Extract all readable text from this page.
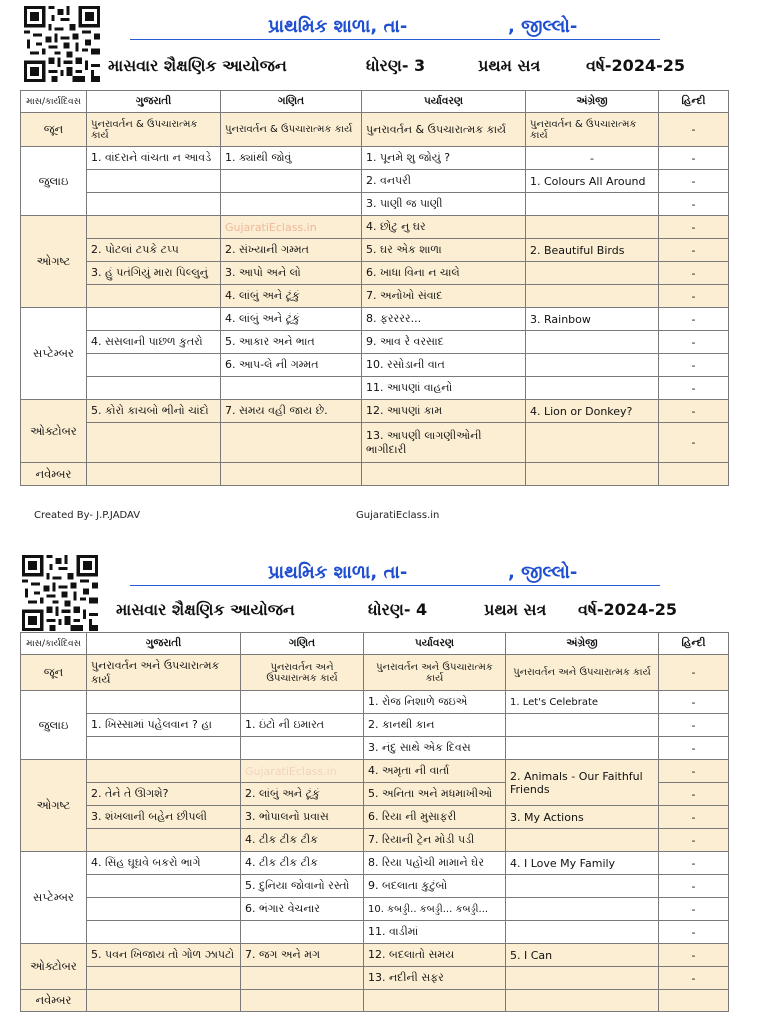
પ્રાથમિક શાળા, તા-	, જીલ્લો-
માસવાર શૈક્ષણિક આયોજન	ધોરણ- 3	પ્રથમ સત્ર	વર્ષ-2024-25
માસ/કાર્યદિવસ	ગુજરાતી	ગણિત	પર્યાવરણ	અંગ્રેજી	હિન્દી
જૂન	પુનરાવર્તન & ઉપચારાત્મક કાર્ય	પુનરાવર્તન & ઉપચારાત્મક કાર્ય	પુનરાવર્તન & ઉપચારાત્મક કાર્ય	પુનરાવર્તન & ઉપચારાત્મક કાર્ય	-
જુલાઇ	1. વાંદરાને વાંચતા ન આવડે	1. ક્યાંથી જોવું	1. પૂનમે શુ જોયું ?	-	-
			2. વનપરી	1. Colours All Around	-
			3. પાણી જ પાણી		-
ઓગષ્ટ		GujaratiEclass.in	4. છોટુ નુ ઘર		-
	2. પોટલાં ટપકે ટપ્પ	2. સંખ્યાની ગમ્મત	5. ઘર એક શાળા	2. Beautiful Birds	-
	3. હું પતંગિયું મારા પિલ્લુનું	3. આપો અને લો	6. ખાધા વિના ન ચાલે		-
		4. લાંબું અને ટૂંકું	7. અનોખો સંવાદ		-
સપ્ટેમ્બર		4. લાંબું અને ટૂંકું	8. ફરરરર...	3. Rainbow	-
	4. સસલાની પાછળ કુતરો	5. આકાર અને ભાત	9. આવ રે વરસાદ		-
		6. આપ-લે ની ગમ્મત	10. રસોડાની વાત		-
			11. આપણાં વાહનો		-
ઓક્ટોબર	5. કોરો કાચબો ભીનો ચાંદો	7. સમય વહી જાય છે.	12. આપણાં કામ	4. Lion or Donkey?	-
			13. આપણી લાગણીઓની ભાગીદારી		-
નવેમ્બર					
Created By- J.P.JADAV	GujaratiEclass.in
પ્રાથમિક શાળા, તા-	, જીલ્લો-
માસવાર શૈક્ષણિક આયોજન	ધોરણ- 4	પ્રથમ સત્ર વર્ષ-2024-25
માસ/કાર્યદિવસ	ગુજરાતી	ગણિત	પર્યાવરણ	અંગ્રેજી	હિન્દી
જૂન	પુનરાવર્તન અને ઉપચારાત્મક કાર્ય	પુનરાવર્તન અને ઉપચારાત્મક કાર્ય	પુનરાવર્તન અને ઉપચારાત્મક કાર્ય	પુનરાવર્તન અને ઉપચારાત્મક કાર્ય	-
જુલાઇ			1. રોજ નિશાળે જઇએ	1. Let's Celebrate	-
	1. ખિસ્સામાં પહેલવાન ? હા	1. ઇંટો ની ઇમારત	2. કાનથી કાન		-
			3. નંદુ સાથે એક દિવસ		-
ઓગષ્ટ		GujaratiEclass.in	4. અમૃતા ની વાર્તા	2. Animals - Our Faithful Friends	-
	2. તેને તે ઊગશે?	2. લાંબું અને ટૂંકું	5. અનિતા અને મધમાખીઓ		-
	3. શંખલાની બહેન છીપલી	3. ભોપાલનો પ્રવાસ	6. રિયા ની મુસાફરી	3. My Actions	-
		4. ટીક ટીક ટીક	7. રિયાની ટ્રેન મોડી પડી		-
સપ્ટેમ્બર	4. સિંહ ઘૂઘવે બકરો ભાગે	4. ટીક ટીક ટીક	8. રિયા પહોંચી મામાને ઘેર	4. I Love My Family	-
		5. દુનિયા જોવાનો રસ્તો	9. બદલાતા કુટુંબો		-
		6. ભંગાર વેચનાર	10. કબડ્ડી.. કબડ્ડી... કબડ્ડી...		-
			11. વાડીમાં		-
ઓક્ટોબર	5. પવન ખિજાય તો ગોળ ઝાપટો	7. જગ અને મગ	12. બદલાતો સમય	5. I Can	-
			13. નદીની સફર		-
નવેમ્બર					
